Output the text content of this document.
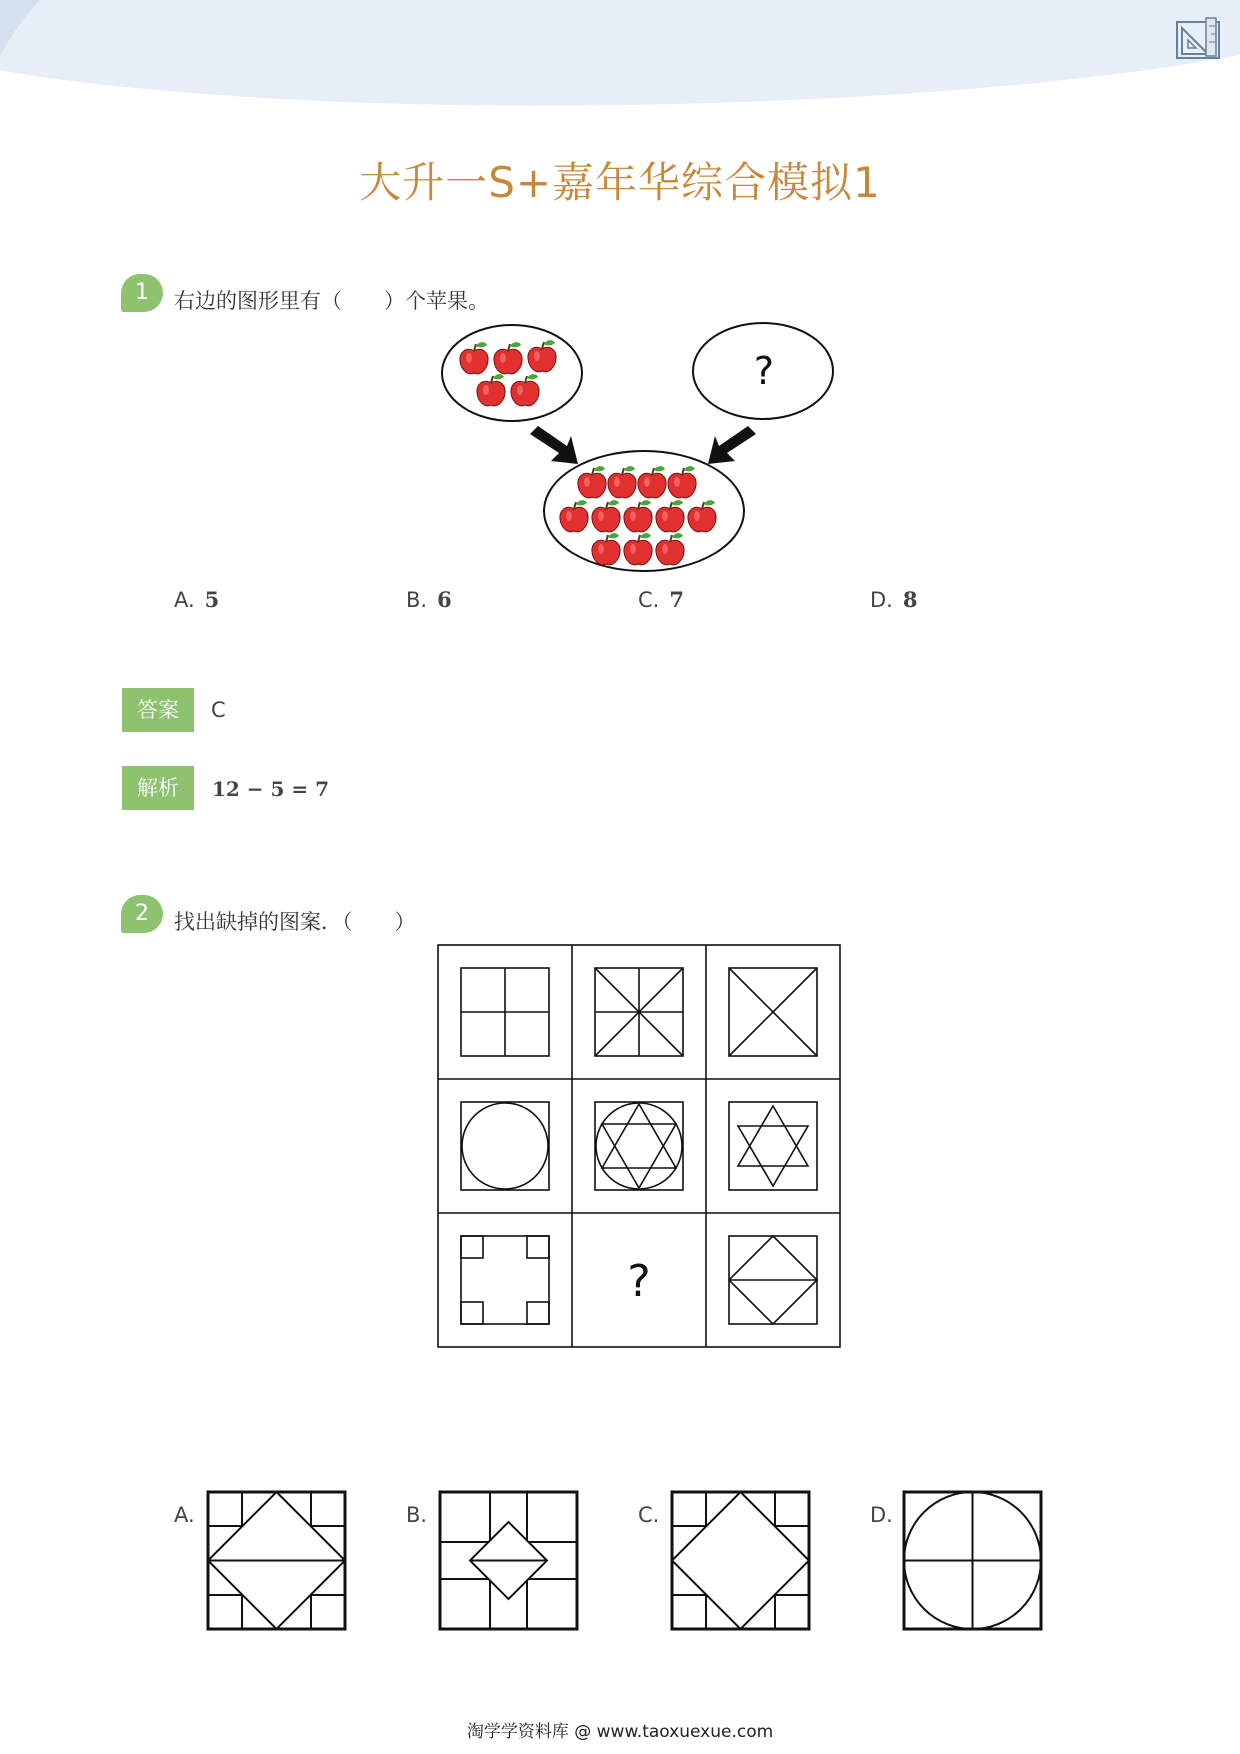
大升一S+嘉年华综合模拟1
1	右边的图形里有（　　）个苹果。
?
A. 5	B. 6	C. 7	D. 8
答案	C
解析	12 − 5 = 7
2	找出缺掉的图案．（　　）
?
A.	B.	C.	D.
淘学学资料库 @ www.taoxuexue.com
